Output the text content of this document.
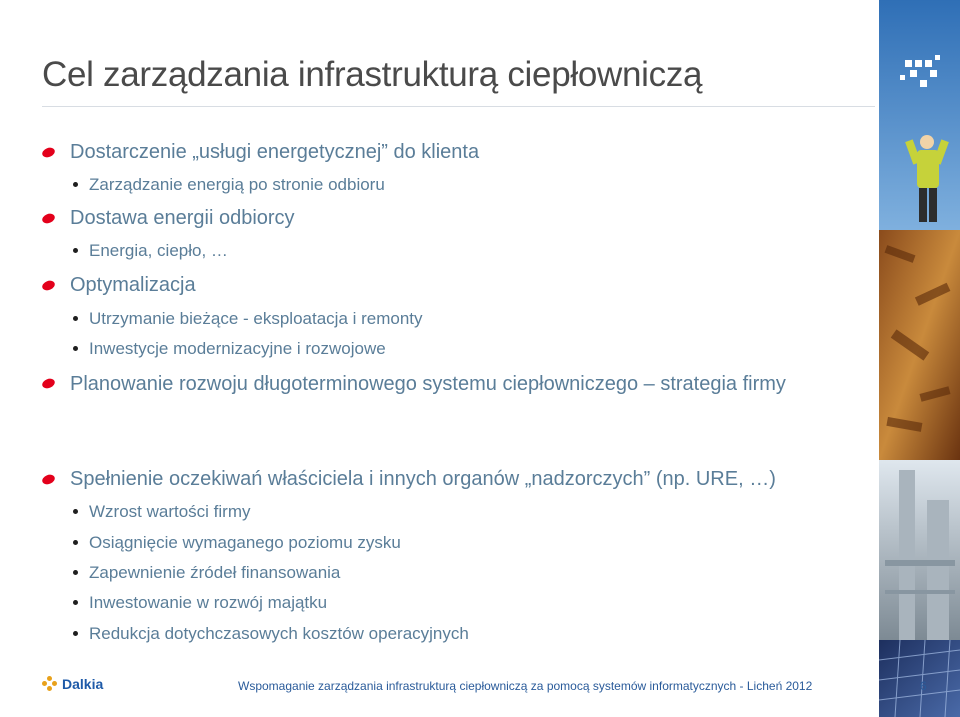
Cel zarządzania infrastrukturą ciepłowniczą
Dostarczenie „usługi energetycznej” do klienta
Zarządzanie energią po stronie odbioru
Dostawa energii odbiorcy
Energia, ciepło, …
Optymalizacja
Utrzymanie bieżące - eksploatacja i remonty
Inwestycje modernizacyjne i rozwojowe
Planowanie rozwoju długoterminowego systemu ciepłowniczego – strategia firmy
Spełnienie oczekiwań właściciela i innych organów „nadzorczych” (np. URE, …)
Wzrost wartości firmy
Osiągnięcie wymaganego poziomu zysku
Zapewnienie źródeł finansowania
Inwestowanie w rozwój majątku
Redukcja dotychczasowych kosztów operacyjnych
Dalkia	Wspomaganie zarządzania infrastrukturą ciepłowniczą za pomocą systemów informatycznych - Licheń 2012	6
